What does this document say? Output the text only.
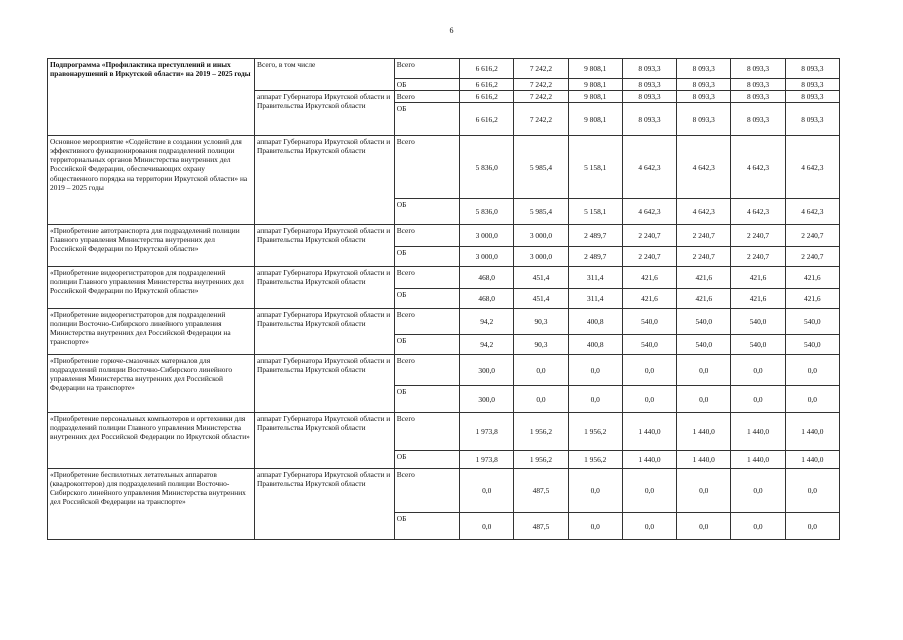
6
Подпрограмма «Профилактика преступлений и иных правонарушений в Иркутской области» на 2019 – 2025 годы	Всего, в том числе	Всего	6 616,2	7 242,2	9 808,1	8 093,3	8 093,3	8 093,3	8 093,3
		ОБ	6 616,2	7 242,2	9 808,1	8 093,3	8 093,3	8 093,3	8 093,3
	аппарат Губернатора Иркутской области и Правительства Иркутской области	Всего	6 616,2	7 242,2	9 808,1	8 093,3	8 093,3	8 093,3	8 093,3
		ОБ	6 616,2	7 242,2	9 808,1	8 093,3	8 093,3	8 093,3	8 093,3
Основное мероприятие «Содействие в создании условий для эффективного функционирования подразделений полиции территориальных органов Министерства внутренних дел Российской Федерации, обеспечивающих охрану общественного порядка на территории Иркутской области» на 2019 – 2025 годы	аппарат Губернатора Иркутской области и Правительства Иркутской области	Всего	5 836,0	5 985,4	5 158,1	4 642,3	4 642,3	4 642,3	4 642,3
		ОБ	5 836,0	5 985,4	5 158,1	4 642,3	4 642,3	4 642,3	4 642,3
«Приобретение автотранспорта для подразделений полиции Главного управления Министерства внутренних дел Российской Федерации по Иркутской области»	аппарат Губернатора Иркутской области и Правительства Иркутской области	Всего	3 000,0	3 000,0	2 489,7	2 240,7	2 240,7	2 240,7	2 240,7
		ОБ	3 000,0	3 000,0	2 489,7	2 240,7	2 240,7	2 240,7	2 240,7
«Приобретение видеорегистраторов для подразделений полиции Главного управления Министерства внутренних дел Российской Федерации по Иркутской области»	аппарат Губернатора Иркутской области и Правительства Иркутской области	Всего	468,0	451,4	311,4	421,6	421,6	421,6	421,6
		ОБ	468,0	451,4	311,4	421,6	421,6	421,6	421,6
«Приобретение видеорегистраторов для подразделений полиции Восточно-Сибирского линейного управления Министерства внутренних дел Российской Федерации на транспорте»	аппарат Губернатора Иркутской области и Правительства Иркутской области	Всего	94,2	90,3	400,8	540,0	540,0	540,0	540,0
		ОБ	94,2	90,3	400,8	540,0	540,0	540,0	540,0
«Приобретение горюче-смазочных материалов для подразделений полиции Восточно-Сибирского линейного управления Министерства внутренних дел Российской Федерации на транспорте»	аппарат Губернатора Иркутской области и Правительства Иркутской области	Всего	300,0	0,0	0,0	0,0	0,0	0,0	0,0
		ОБ	300,0	0,0	0,0	0,0	0,0	0,0	0,0
«Приобретение персональных компьютеров и оргтехники для подразделений полиции Главного управления Министерства внутренних дел Российской Федерации по Иркутской области»	аппарат Губернатора Иркутской области и Правительства Иркутской области	Всего	1 973,8	1 956,2	1 956,2	1 440,0	1 440,0	1 440,0	1 440,0
		ОБ	1 973,8	1 956,2	1 956,2	1 440,0	1 440,0	1 440,0	1 440,0
«Приобретение беспилотных летательных аппаратов (квадрокоптеров) для подразделений полиции Восточно-Сибирского линейного управления Министерства внутренних дел Российской Федерации на транспорте»	аппарат Губернатора Иркутской области и Правительства Иркутской области	Всего	0,0	487,5	0,0	0,0	0,0	0,0	0,0
		ОБ	0,0	487,5	0,0	0,0	0,0	0,0	0,0
